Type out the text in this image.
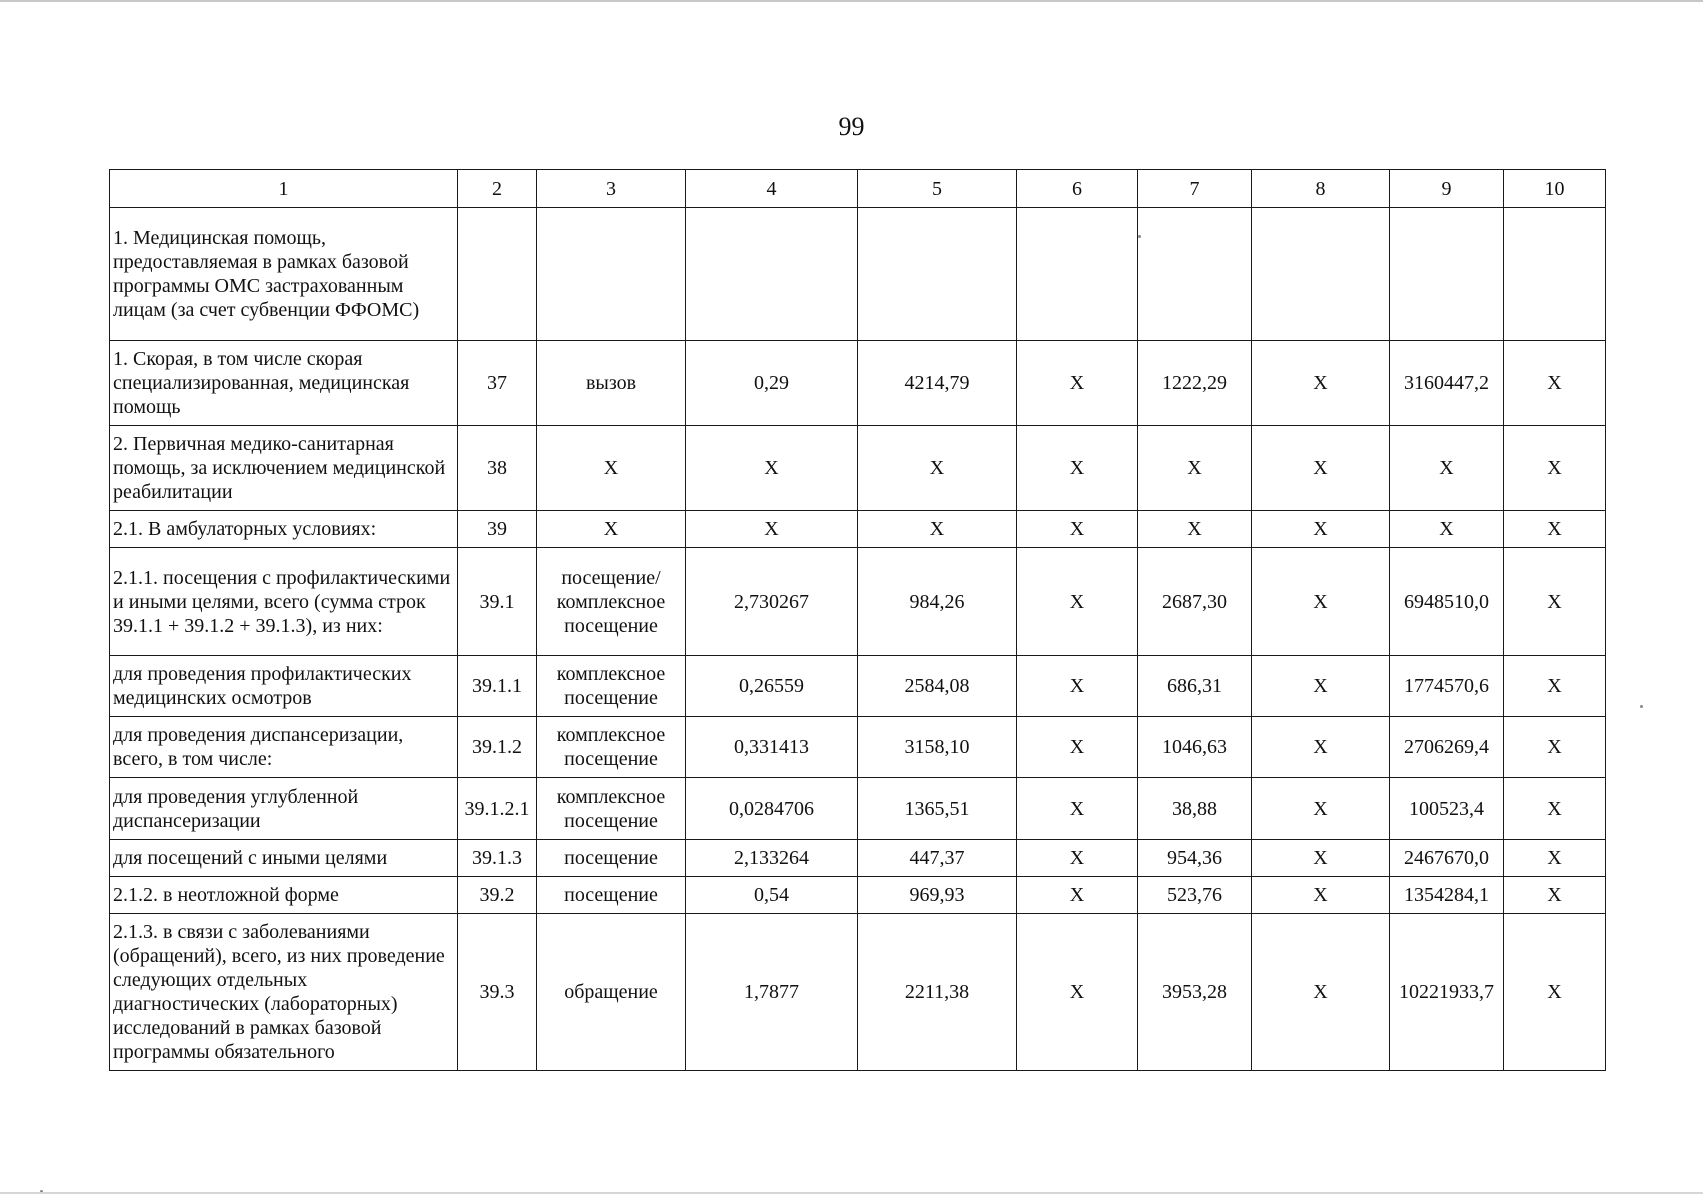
99
1	2	3	4	5	6	7	8	9	10
1. Медицинская помощь, предоставляемая в рамках базовой программы ОМС застрахованным лицам (за счет субвенции ФФОМС)									
1. Скорая, в том числе скорая специализированная, медицинская помощь	37	вызов	0,29	4214,79	X	1222,29	X	3160447,2	X
2. Первичная медико-санитарная помощь, за исключением медицинской реабилитации	38	X	X	X	X	X	X	X	X
2.1. В амбулаторных условиях:	39	X	X	X	X	X	X	X	X
2.1.1. посещения с профилактическими и иными целями, всего (сумма строк 39.1.1 + 39.1.2 + 39.1.3), из них:	39.1	посещение/ комплексное посещение	2,730267	984,26	X	2687,30	X	6948510,0	X
для проведения профилактических медицинских осмотров	39.1.1	комплексное посещение	0,26559	2584,08	X	686,31	X	1774570,6	X
для проведения диспансеризации, всего, в том числе:	39.1.2	комплексное посещение	0,331413	3158,10	X	1046,63	X	2706269,4	X
для проведения углубленной диспансеризации	39.1.2.1	комплексное посещение	0,0284706	1365,51	X	38,88	X	100523,4	X
для посещений с иными целями	39.1.3	посещение	2,133264	447,37	X	954,36	X	2467670,0	X
2.1.2. в неотложной форме	39.2	посещение	0,54	969,93	X	523,76	X	1354284,1	X
2.1.3. в связи с заболеваниями (обращений), всего, из них проведение следующих отдельных диагностических (лабораторных) исследований в рамках базовой программы обязательного	39.3	обращение	1,7877	2211,38	X	3953,28	X	10221933,7	X
